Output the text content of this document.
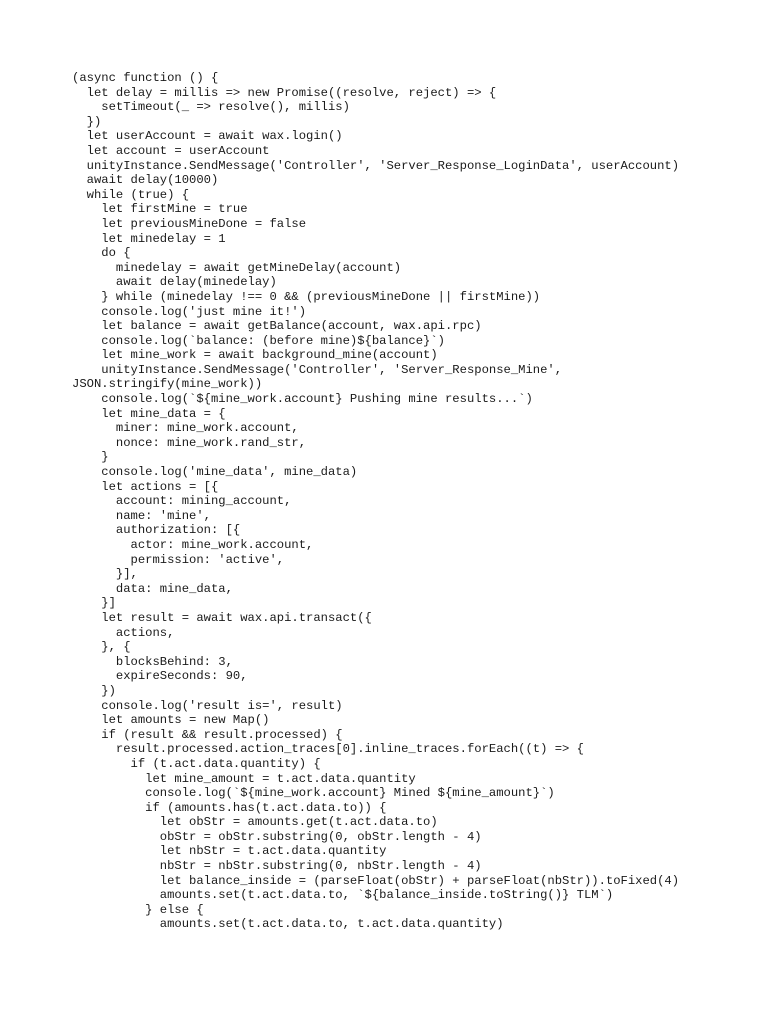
(async function () {
let delay = millis => new Promise((resolve, reject) => {
setTimeout(_ => resolve(), millis)
})
let userAccount = await wax.login()
let account = userAccount
unityInstance.SendMessage('Controller', 'Server_Response_LoginData', userAccount)
await delay(10000)
while (true) {
let firstMine = true
let previousMineDone = false
let minedelay = 1
do {
minedelay = await getMineDelay(account)
await delay(minedelay)
} while (minedelay !== 0 && (previousMineDone || firstMine))
console.log('just mine it!')
let balance = await getBalance(account, wax.api.rpc)
console.log(`balance: (before mine)${balance}`)
let mine_work = await background_mine(account)
unityInstance.SendMessage('Controller', 'Server_Response_Mine',
JSON.stringify(mine_work))
console.log(`${mine_work.account} Pushing mine results...`)
let mine_data = {
miner: mine_work.account,
nonce: mine_work.rand_str,
}
console.log('mine_data', mine_data)
let actions = [{
account: mining_account,
name: 'mine',
authorization: [{
actor: mine_work.account,
permission: 'active',
}],
data: mine_data,
}]
let result = await wax.api.transact({
actions,
}, {
blocksBehind: 3,
expireSeconds: 90,
})
console.log('result is=', result)
let amounts = new Map()
if (result && result.processed) {
result.processed.action_traces[0].inline_traces.forEach((t) => {
if (t.act.data.quantity) {
let mine_amount = t.act.data.quantity
console.log(`${mine_work.account} Mined ${mine_amount}`)
if (amounts.has(t.act.data.to)) {
let obStr = amounts.get(t.act.data.to)
obStr = obStr.substring(0, obStr.length - 4)
let nbStr = t.act.data.quantity
nbStr = nbStr.substring(0, nbStr.length - 4)
let balance_inside = (parseFloat(obStr) + parseFloat(nbStr)).toFixed(4)
amounts.set(t.act.data.to, `${balance_inside.toString()} TLM`)
} else {
amounts.set(t.act.data.to, t.act.data.quantity)
